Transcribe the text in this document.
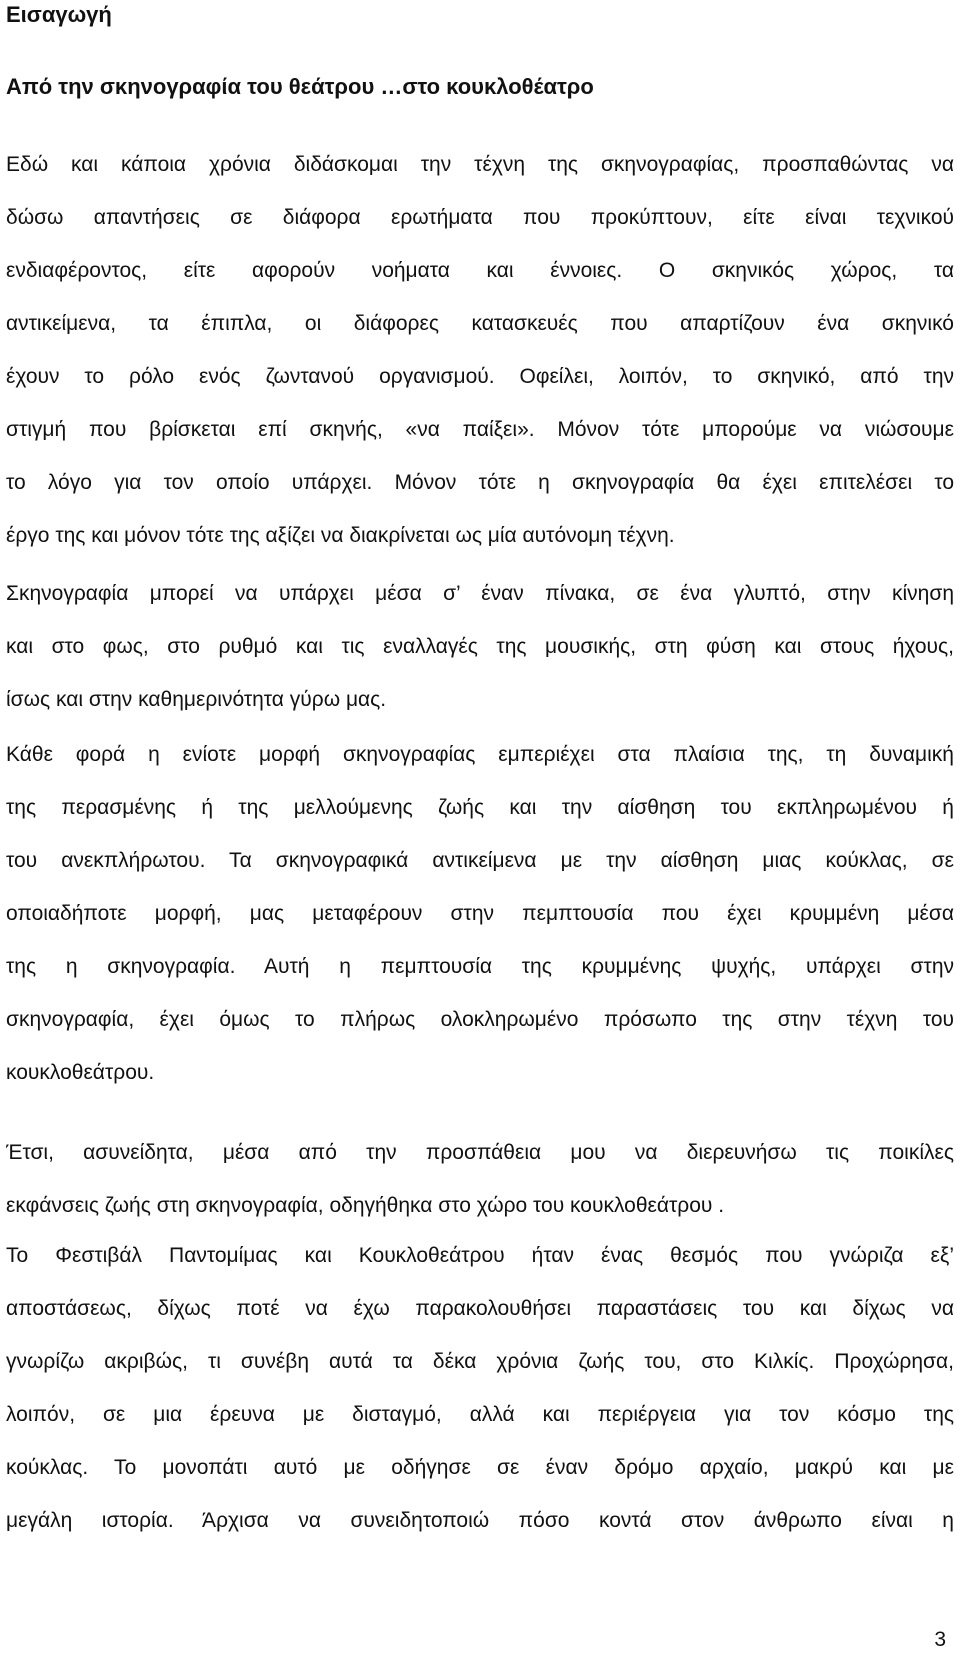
Εισαγωγή
Από την σκηνογραφία του θεάτρου …στο κουκλοθέατρο
Εδώ και κάποια χρόνια διδάσκομαι την τέχνη της σκηνογραφίας, προσπαθώντας να
δώσω απαντήσεις σε διάφορα ερωτήματα που προκύπτουν, είτε είναι τεχνικού
ενδιαφέροντος, είτε αφορούν νοήματα και έννοιες. Ο σκηνικός χώρος, τα
αντικείμενα, τα έπιπλα, οι διάφορες κατασκευές που απαρτίζουν ένα σκηνικό
έχουν το ρόλο ενός ζωντανού οργανισμού. Οφείλει, λοιπόν, το σκηνικό, από την
στιγμή που βρίσκεται επί σκηνής, «να παίξει». Μόνον τότε μπορούμε να νιώσουμε
το λόγο για τον οποίο υπάρχει. Μόνον τότε η σκηνογραφία θα έχει επιτελέσει το
έργο της και μόνον τότε της αξίζει να διακρίνεται ως μία αυτόνομη τέχνη.
Σκηνογραφία μπορεί να υπάρχει μέσα σ’ έναν πίνακα, σε ένα γλυπτό, στην κίνηση
και στο φως, στο ρυθμό και τις εναλλαγές της μουσικής, στη φύση και στους ήχους,
ίσως και στην καθημερινότητα γύρω μας.
Κάθε φορά η ενίοτε μορφή σκηνογραφίας εμπεριέχει στα πλαίσια της, τη δυναμική
της περασμένης ή της μελλούμενης ζωής και την αίσθηση του εκπληρωμένου ή
του ανεκπλήρωτου. Τα σκηνογραφικά αντικείμενα με την αίσθηση μιας κούκλας, σε
οποιαδήποτε μορφή, μας μεταφέρουν στην πεμπτουσία που έχει κρυμμένη μέσα
της η σκηνογραφία. Αυτή η πεμπτουσία της κρυμμένης ψυχής, υπάρχει στην
σκηνογραφία, έχει όμως το πλήρως ολοκληρωμένο πρόσωπο της στην τέχνη του
κουκλοθεάτρου.
Έτσι, ασυνείδητα, μέσα από την προσπάθεια μου να διερευνήσω τις ποικίλες
εκφάνσεις ζωής στη σκηνογραφία, οδηγήθηκα στο χώρο του κουκλοθεάτρου .
Το Φεστιβάλ Παντομίμας και Κουκλοθεάτρου ήταν ένας θεσμός που γνώριζα εξ’
αποστάσεως, δίχως ποτέ να έχω παρακολουθήσει παραστάσεις του και δίχως να
γνωρίζω ακριβώς, τι συνέβη αυτά τα δέκα χρόνια ζωής του, στο Κιλκίς. Προχώρησα,
λοιπόν, σε μια έρευνα με δισταγμό, αλλά και περιέργεια για τον κόσμο της
κούκλας. Το μονοπάτι αυτό με οδήγησε σε έναν δρόμο αρχαίο, μακρύ και με
μεγάλη ιστορία. Άρχισα να συνειδητοποιώ πόσο κοντά στον άνθρωπο είναι η

3
